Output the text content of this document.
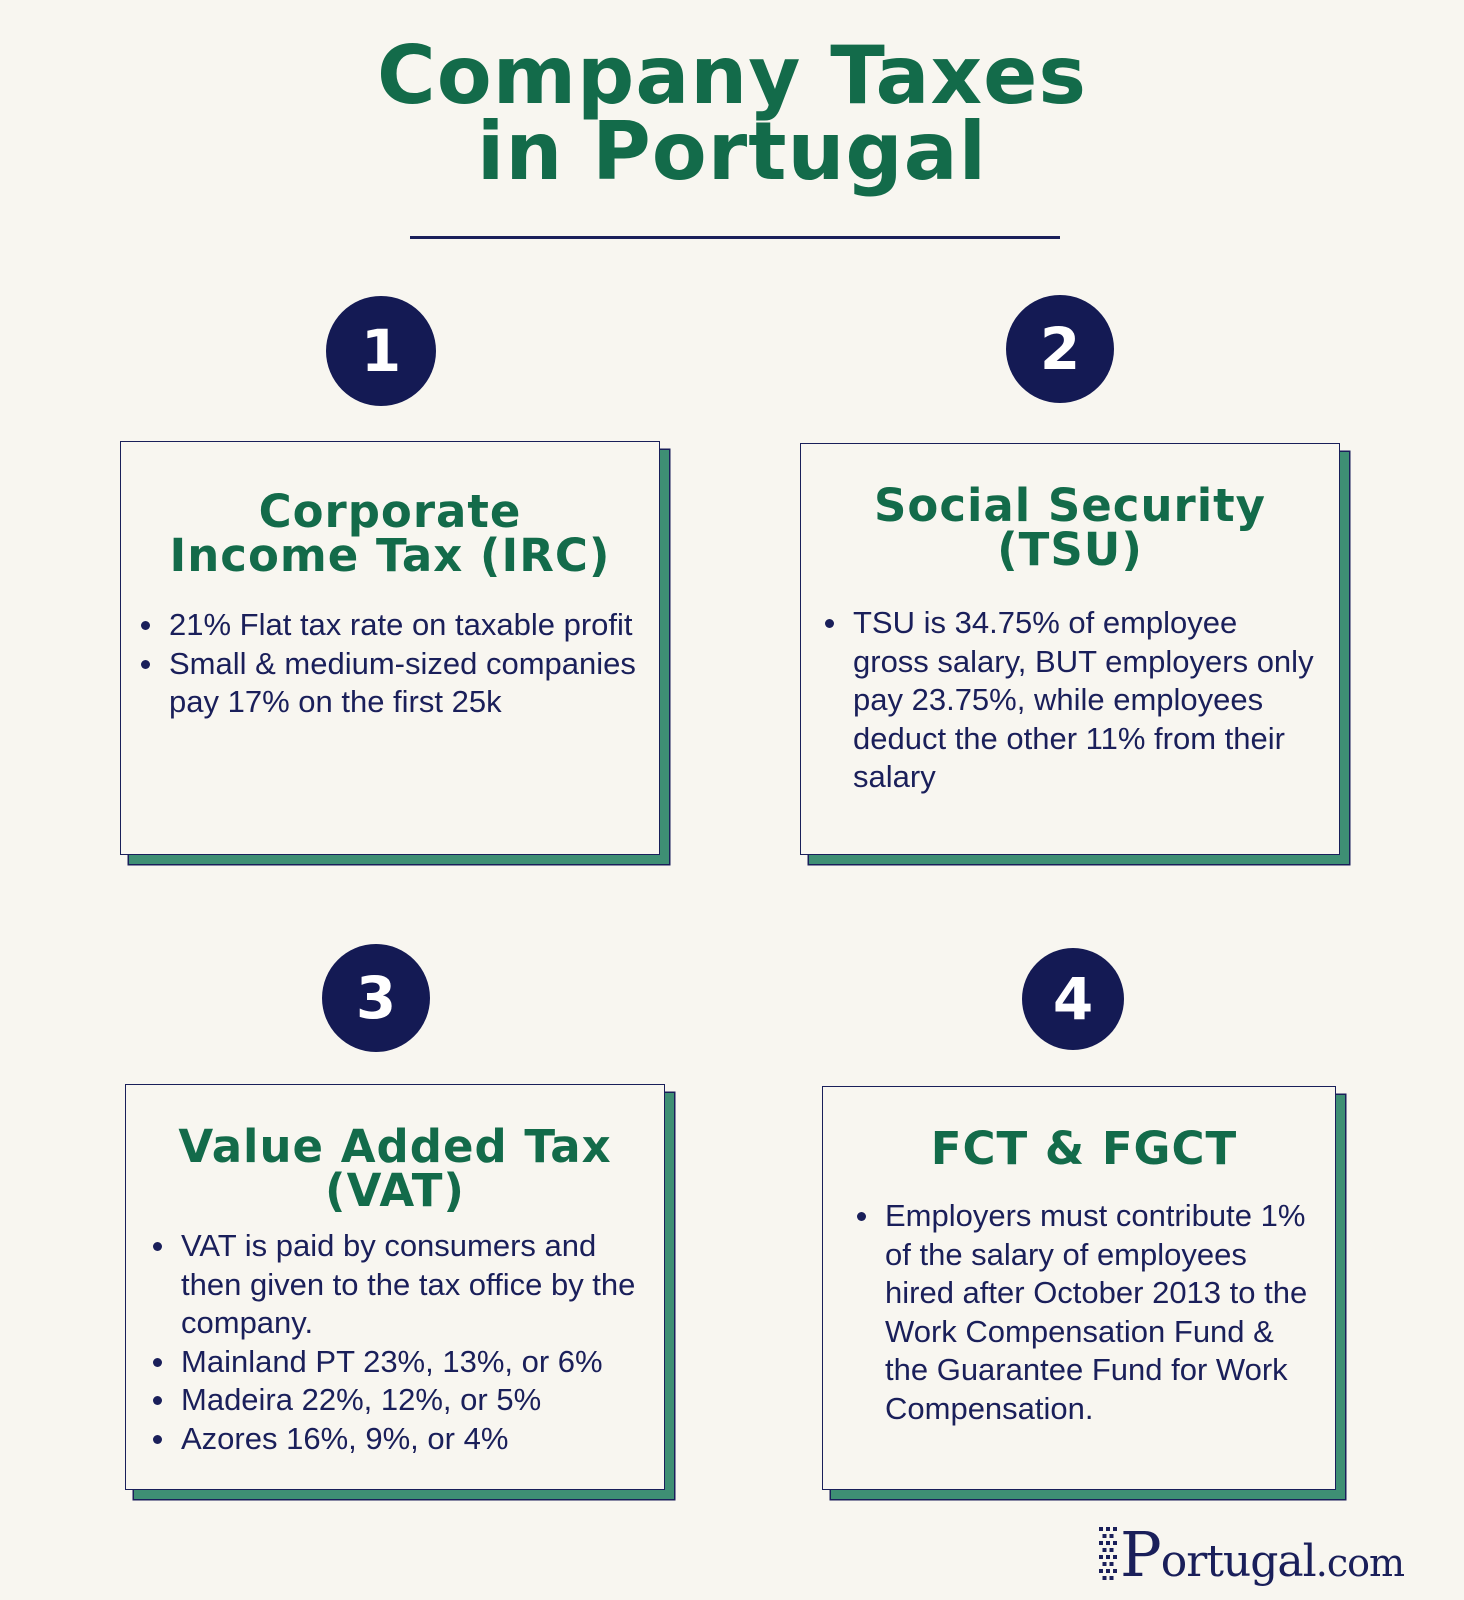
Company Taxes
in Portugal
1
Corporate
Income Tax (IRC)
21% Flat tax rate on taxable profit
Small & medium-sized companies pay 17% on the first 25k
2
Social Security
(TSU)
TSU is 34.75% of employee gross salary, BUT employers only pay 23.75%, while employees deduct the other 11% from their salary
3
Value Added Tax
(VAT)
VAT is paid by consumers and then given to the tax office by the company.
Mainland PT 23%, 13%, or 6%
Madeira 22%, 12%, or 5%
Azores 16%, 9%, or 4%
4
FCT & FGCT
Employers must contribute 1% of the salary of employees hired after October 2013 to the Work Compensation Fund & the Guarantee Fund for Work Compensation.
Portugal.com
